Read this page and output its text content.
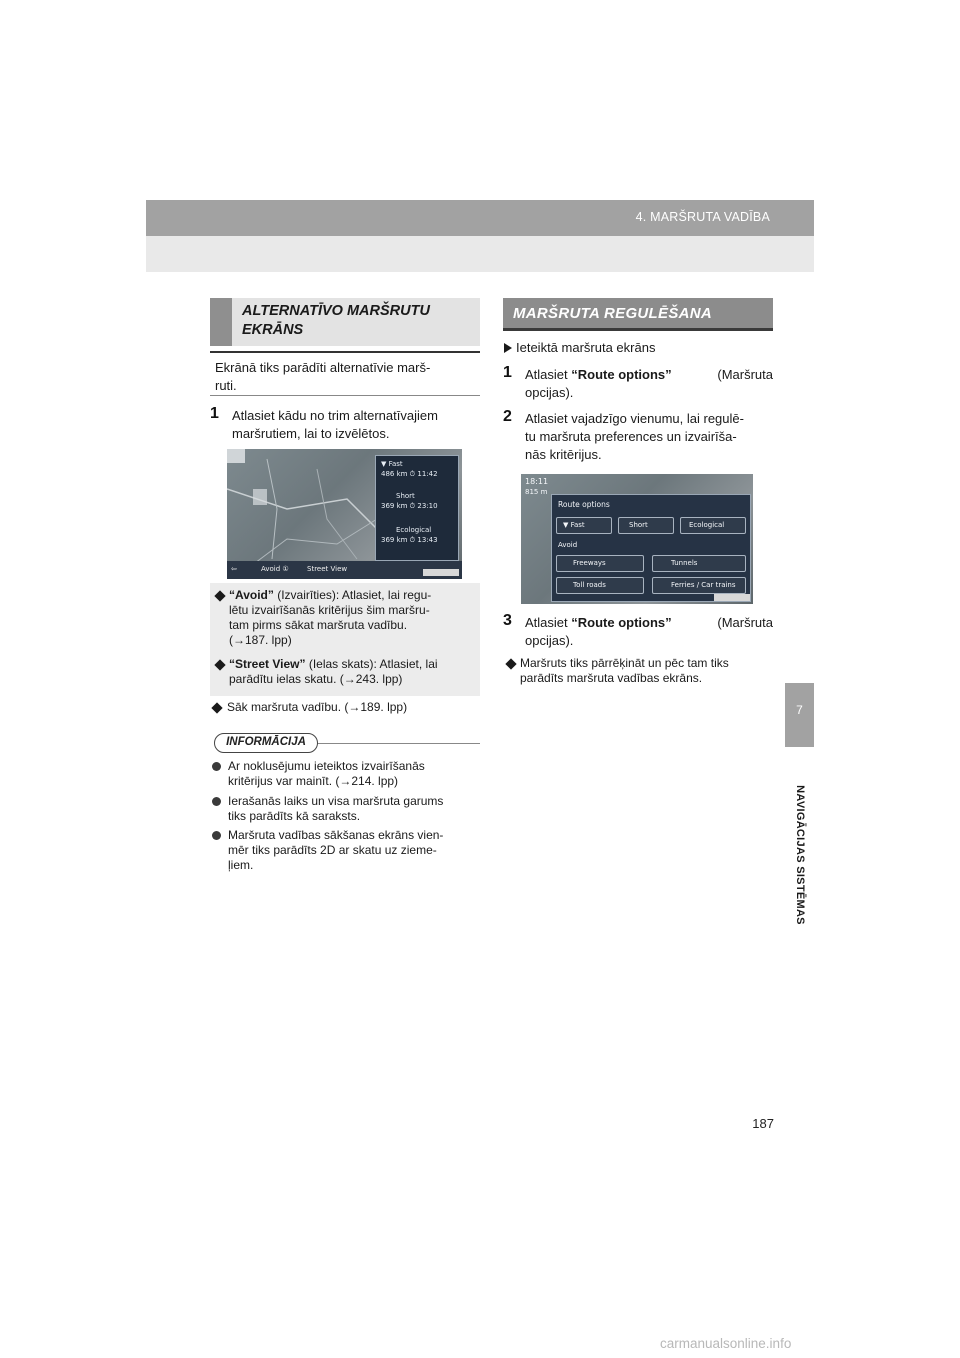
4. MARŠRUTA VADĪBA
7
NAVIGĀCIJAS SISTĒMAS
ALTERNATĪVO MARŠRUTU
EKRĀNS
Ekrānā tiks parādīti alternatīvie marš-
ruti.
1 Atlasiet kādu no trim alternatīvajiem
maršrutiem, lai to izvēlētos.
▼ Fast
486 km ⏱ 11:42
Short
369 km ⏱ 23:10
Ecological
369 km ⏱ 13:43
⇦	Avoid ①	Street View
“Avoid” (Izvairīties): Atlasiet, lai regu-
lētu izvairīšanās kritērijus šim maršru-
tam pirms sākat maršruta vadību.
(→187. lpp)
“Street View” (Ielas skats): Atlasiet, lai
parādītu ielas skatu. (→243. lpp)
Sāk maršruta vadību. (→189. lpp)
INFORMĀCIJA
Ar noklusējumu ieteiktos izvairīšanās
kritērijus var mainīt. (→214. lpp)
Ierašanās laiks un visa maršruta garums
tiks parādīts kā saraksts.
Maršruta vadības sākšanas ekrāns vien-
mēr tiks parādīts 2D ar skatu uz zieme-
ļiem.
MARŠRUTA REGULĒŠANA
Ieteiktā maršruta ekrāns
1 Atlasiet “Route options”	(Maršruta
opcijas).
2 Atlasiet vajadzīgo vienumu, lai regulē-
tu maršruta preferences un izvairīša-
nās kritērijus.
18:11
815 m
Route options
▼ Fast	Short	Ecological
Avoid
Freeways	Tunnels
Toll roads	Ferries / Car trains
3 Atlasiet “Route options”	(Maršruta
opcijas).
Maršruts tiks pārrēķināt un pēc tam tiks
parādīts maršruta vadības ekrāns.
187
carmanualsonline.info
